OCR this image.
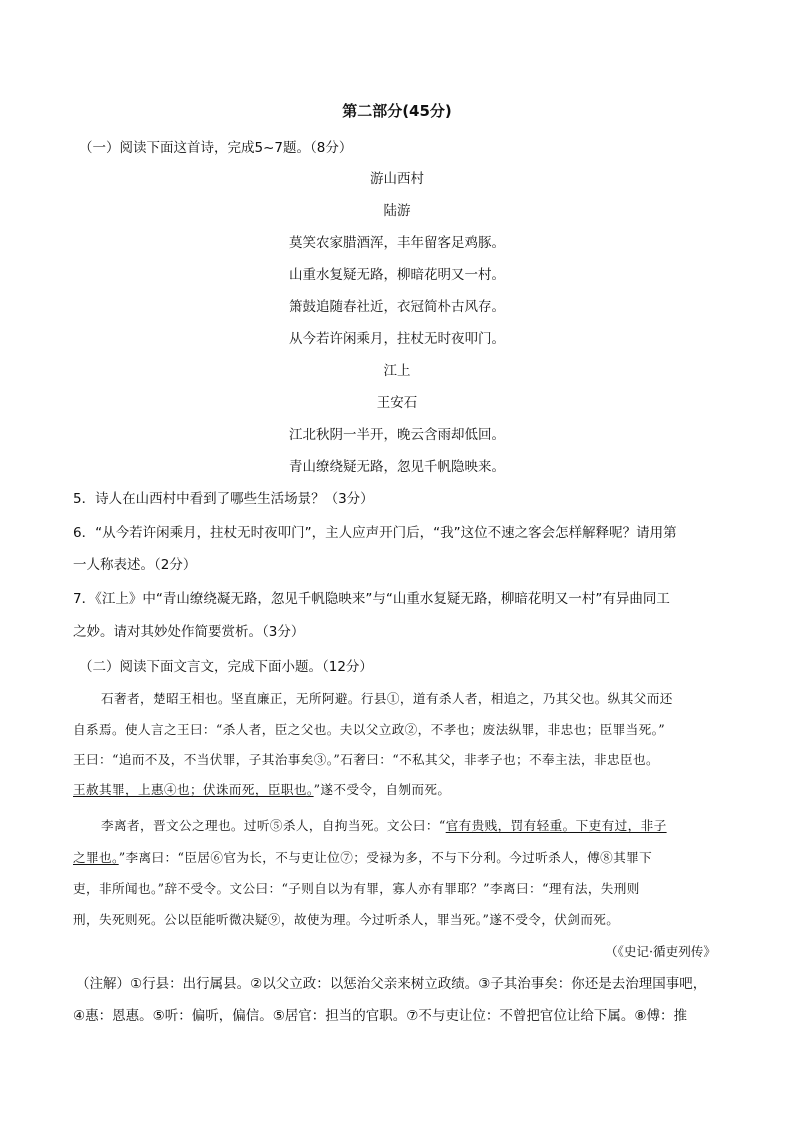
第二部分(45分)
（一）阅读下面这首诗，完成5~7题。（8分）
游山西村
陆游
莫笑农家腊酒浑，丰年留客足鸡豚。
山重水复疑无路，柳暗花明又一村。
箫鼓追随春社近，衣冠简朴古风存。
从今若许闲乘月，拄杖无时夜叩门。
江上
王安石
江北秋阴一半开，晚云含雨却低回。
青山缭绕疑无路，忽见千帆隐映来。
5．诗人在山西村中看到了哪些生活场景？（3分）
6．“从今若许闲乘月，拄杖无时夜叩门”，主人应声开门后，“我”这位不速之客会怎样解释呢？请用第
一人称表述。（2分）
7．《江上》中“青山缭绕凝无路，忽见千帆隐映来”与“山重水复疑无路，柳暗花明又一村”有异曲同工
之妙。请对其妙处作简要赏析。（3分）
（二）阅读下面文言文，完成下面小题。（12分）
石奢者，楚昭王相也。坚直廉正，无所阿避。行县①，道有杀人者，相追之，乃其父也。纵其父而还
自系焉。使人言之王曰：“杀人者，臣之父也。夫以父立政②，不孝也；废法纵罪，非忠也；臣罪当死。”
王曰：“追而不及，不当伏罪，子其治事矣③。”石奢曰：“不私其父，非孝子也；不奉主法，非忠臣也。
王赦其罪，上惠④也；伏诛而死，臣职也。”遂不受令，自刎而死。
李离者，晋文公之理也。过听⑤杀人，自拘当死。文公曰：“官有贵贱，罚有轻重。下吏有过，非子
之罪也。”李离曰：“臣居⑥官为长，不与吏让位⑦；受禄为多，不与下分利。今过听杀人，傅⑧其罪下
吏，非所闻也。”辞不受令。文公曰：“子则自以为有罪，寡人亦有罪耶？”李离曰：“理有法，失刑则
刑，失死则死。公以臣能听微决疑⑨，故使为理。今过听杀人，罪当死。”遂不受令，伏剑而死。
（《史记·循吏列传》
（注解）①行县：出行属县。②以父立政：以惩治父亲来树立政绩。③子其治事矣：你还是去治理国事吧，
④惠：恩惠。⑤听：偏听，偏信。⑤居官：担当的官职。⑦不与吏让位：不曾把官位让给下属。⑧傅：推
